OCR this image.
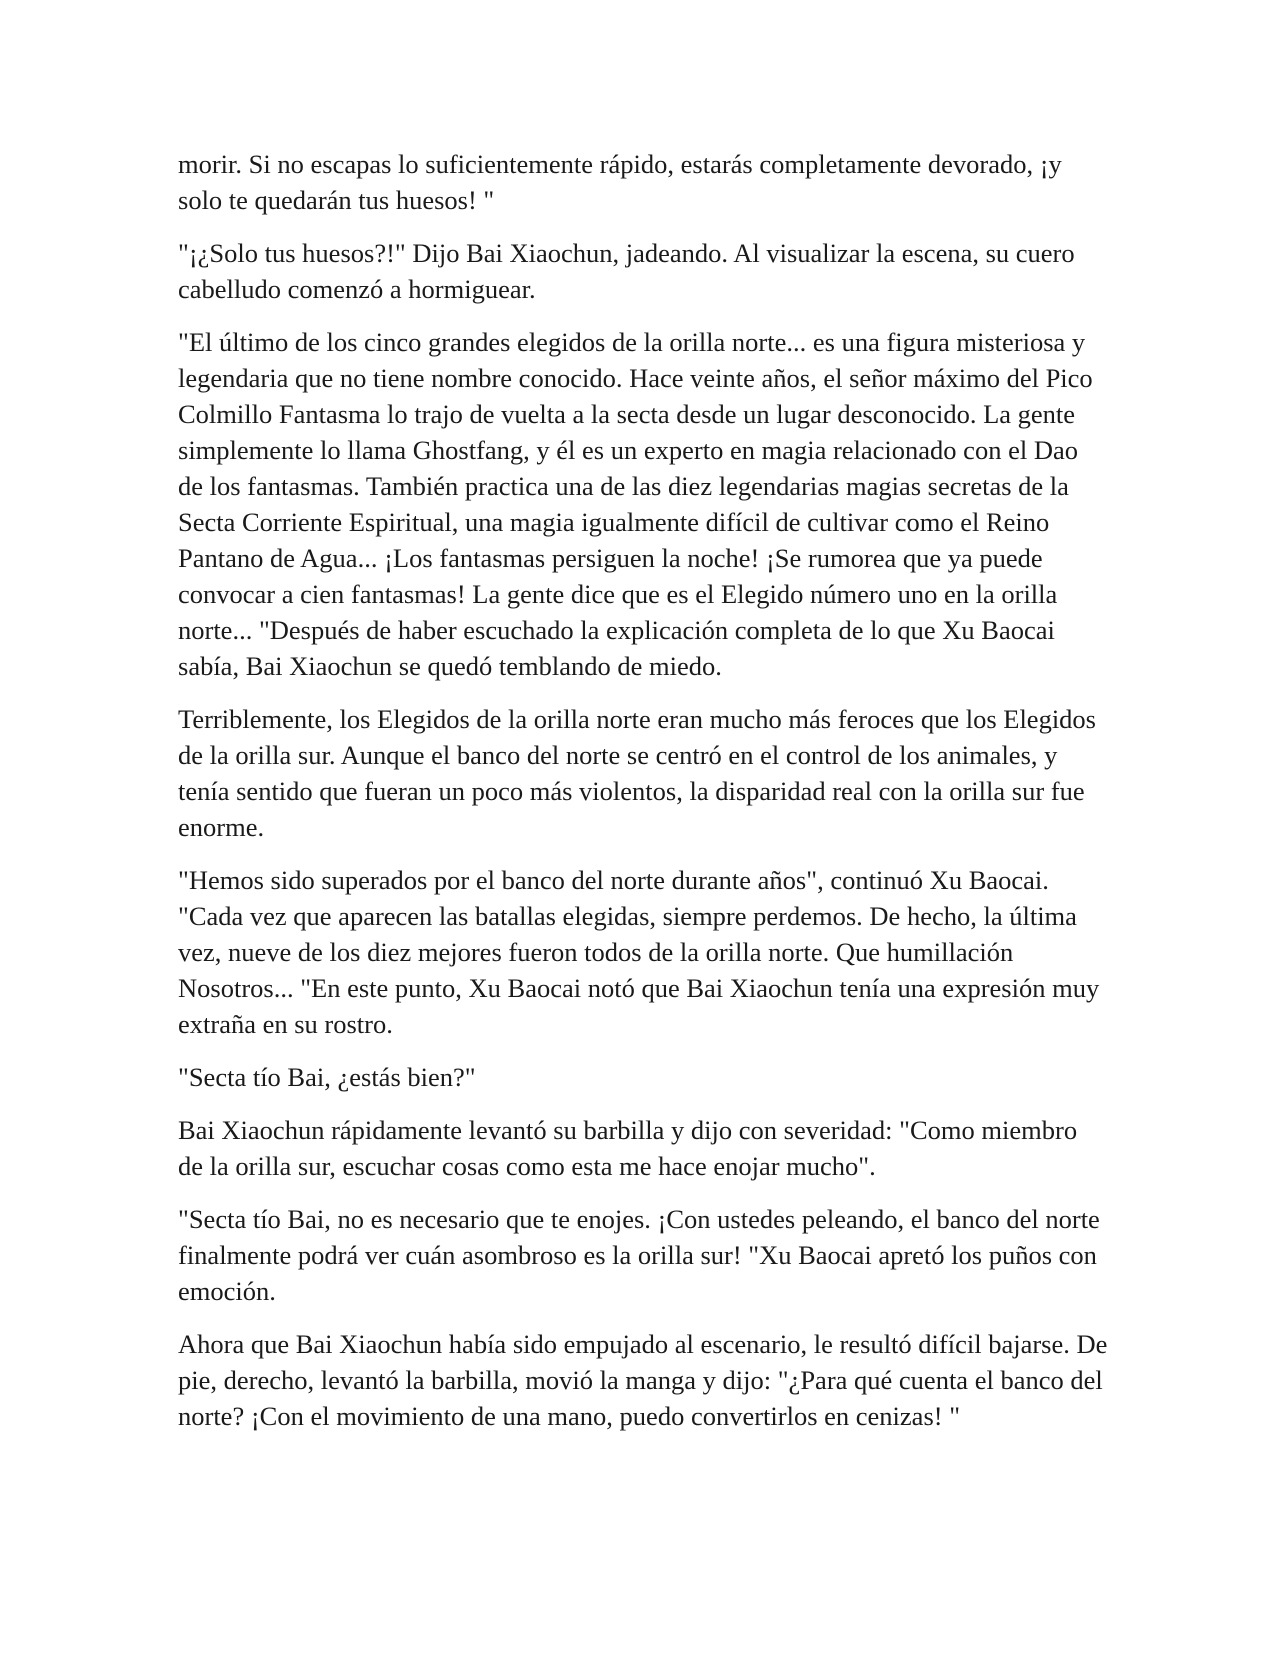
morir. Si no escapas lo suficientemente rápido, estarás completamente devorado, ¡y solo te quedarán tus huesos! "

"¡¿Solo tus huesos?!" Dijo Bai Xiaochun, jadeando. Al visualizar la escena, su cuero cabelludo comenzó a hormiguear.

"El último de los cinco grandes elegidos de la orilla norte... es una figura misteriosa y legendaria que no tiene nombre conocido. Hace veinte años, el señor máximo del Pico Colmillo Fantasma lo trajo de vuelta a la secta desde un lugar desconocido. La gente simplemente lo llama Ghostfang, y él es un experto en magia relacionado con el Dao de los fantasmas. También practica una de las diez legendarias magias secretas de la Secta Corriente Espiritual, una magia igualmente difícil de cultivar como el Reino Pantano de Agua... ¡Los fantasmas persiguen la noche! ¡Se rumorea que ya puede convocar a cien fantasmas! La gente dice que es el Elegido número uno en la orilla norte... "Después de haber escuchado la explicación completa de lo que Xu Baocai sabía, Bai Xiaochun se quedó temblando de miedo.

Terriblemente, los Elegidos de la orilla norte eran mucho más feroces que los Elegidos de la orilla sur. Aunque el banco del norte se centró en el control de los animales, y tenía sentido que fueran un poco más violentos, la disparidad real con la orilla sur fue enorme.

"Hemos sido superados por el banco del norte durante años", continuó Xu Baocai. "Cada vez que aparecen las batallas elegidas, siempre perdemos. De hecho, la última vez, nueve de los diez mejores fueron todos de la orilla norte. Que humillación Nosotros... "En este punto, Xu Baocai notó que Bai Xiaochun tenía una expresión muy extraña en su rostro.

"Secta tío Bai, ¿estás bien?"

Bai Xiaochun rápidamente levantó su barbilla y dijo con severidad: "Como miembro de la orilla sur, escuchar cosas como esta me hace enojar mucho".

"Secta tío Bai, no es necesario que te enojes. ¡Con ustedes peleando, el banco del norte finalmente podrá ver cuán asombroso es la orilla sur! "Xu Baocai apretó los puños con emoción.

Ahora que Bai Xiaochun había sido empujado al escenario, le resultó difícil bajarse. De pie, derecho, levantó la barbilla, movió la manga y dijo: "¿Para qué cuenta el banco del norte? ¡Con el movimiento de una mano, puedo convertirlos en cenizas! "
